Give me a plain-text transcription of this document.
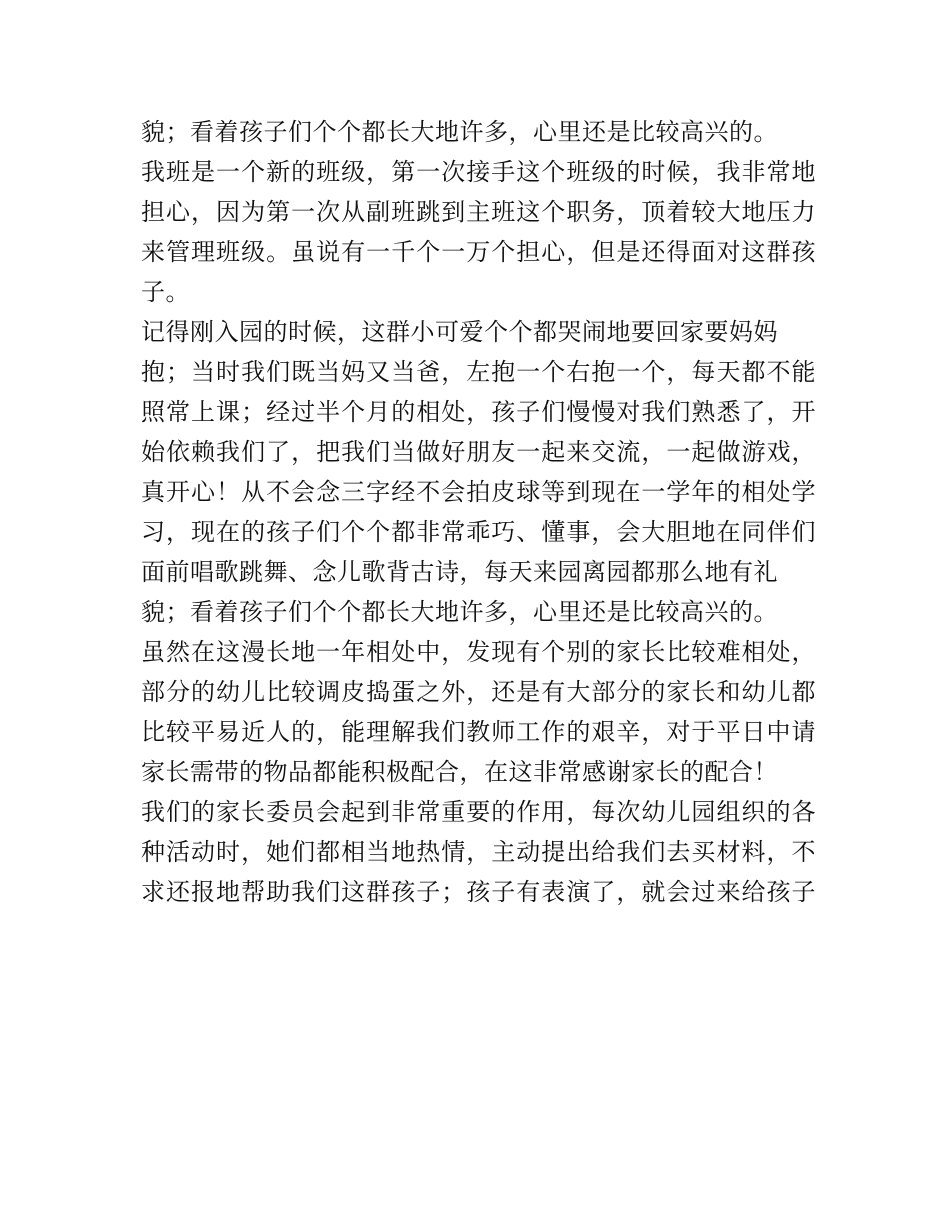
貌；看着孩子们个个都长大地许多，心里还是比较高兴的。

我班是一个新的班级，第一次接手这个班级的时候，我非常地

担心，因为第一次从副班跳到主班这个职务，顶着较大地压力

来管理班级。虽说有一千个一万个担心，但是还得面对这群孩

子。

记得刚入园的时候，这群小可爱个个都哭闹地要回家要妈妈

抱；当时我们既当妈又当爸，左抱一个右抱一个，每天都不能

照常上课；经过半个月的相处，孩子们慢慢对我们熟悉了，开

始依赖我们了，把我们当做好朋友一起来交流，一起做游戏，

真开心！从不会念三字经不会拍皮球等到现在一学年的相处学

习，现在的孩子们个个都非常乖巧、懂事，会大胆地在同伴们

面前唱歌跳舞、念儿歌背古诗，每天来园离园都那么地有礼

貌；看着孩子们个个都长大地许多，心里还是比较高兴的。

虽然在这漫长地一年相处中，发现有个别的家长比较难相处，

部分的幼儿比较调皮捣蛋之外，还是有大部分的家长和幼儿都

比较平易近人的，能理解我们教师工作的艰辛，对于平日中请

家长需带的物品都能积极配合，在这非常感谢家长的配合！

我们的家长委员会起到非常重要的作用，每次幼儿园组织的各

种活动时，她们都相当地热情，主动提出给我们去买材料，不

求还报地帮助我们这群孩子；孩子有表演了，就会过来给孩子
